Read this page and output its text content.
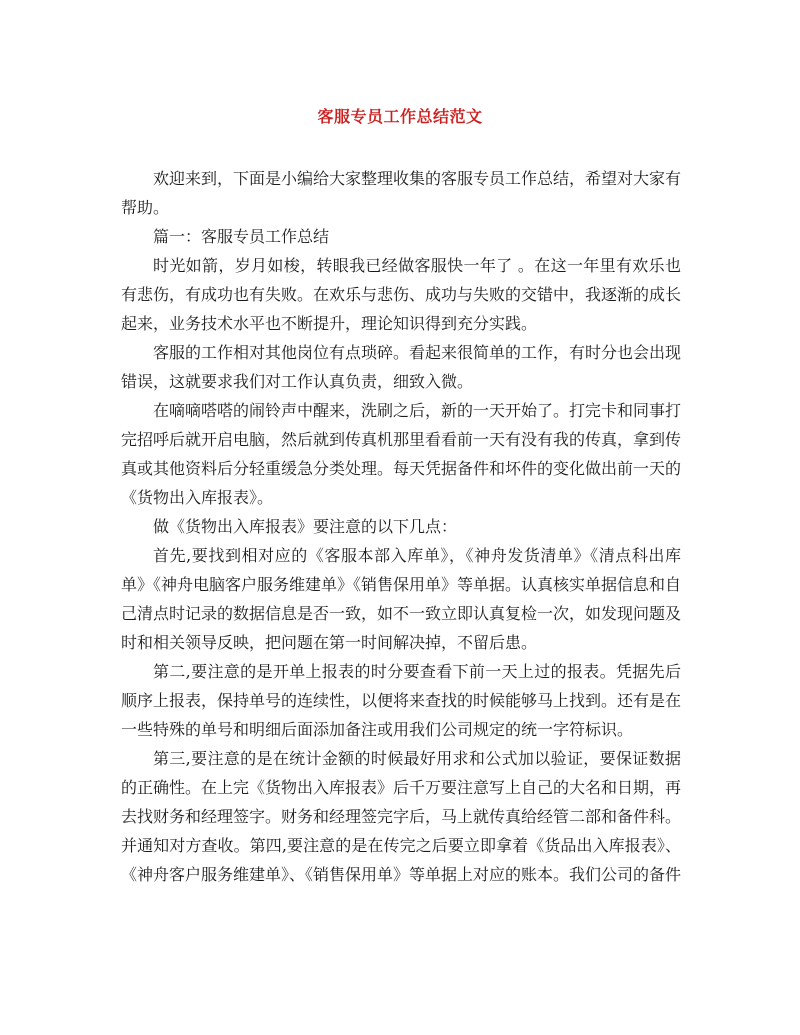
客服专员工作总结范文

欢迎来到，下面是小编给大家整理收集的客服专员工作总结，希望对大家有帮助。

篇一：客服专员工作总结

时光如箭，岁月如梭，转眼我已经做客服快一年了 。在这一年里有欢乐也有悲伤，有成功也有失败。在欢乐与悲伤、成功与失败的交错中，我逐渐的成长起来，业务技术水平也不断提升，理论知识得到充分实践。

客服的工作相对其他岗位有点琐碎。看起来很简单的工作，有时分也会出现错误，这就要求我们对工作认真负责，细致入微。

在嘀嘀嗒嗒的闹铃声中醒来，洗刷之后，新的一天开始了。打完卡和同事打完招呼后就开启电脑，然后就到传真机那里看看前一天有没有我的传真，拿到传真或其他资料后分轻重缓急分类处理。每天凭据备件和坏件的变化做出前一天的《货物出入库报表》。

做《货物出入库报表》要注意的以下几点：

首先,要找到相对应的《客服本部入库单》，《神舟发货清单》《清点科出库单》《神舟电脑客户服务维建单》《销售保用单》等单据。认真核实单据信息和自己清点时记录的数据信息是否一致，如不一致立即认真复检一次，如发现问题及时和相关领导反映，把问题在第一时间解决掉，不留后患。

第二,要注意的是开单上报表的时分要查看下前一天上过的报表。凭据先后顺序上报表，保持单号的连续性，以便将来查找的时候能够马上找到。还有是在一些特殊的单号和明细后面添加备注或用我们公司规定的统一字符标识。

第三,要注意的是在统计金额的时候最好用求和公式加以验证，要保证数据的正确性。在上完《货物出入库报表》后千万要注意写上自己的大名和日期，再去找财务和经理签字。财务和经理签完字后，马上就传真给经管二部和备件科。并通知对方查收。第四,要注意的是在传完之后要立即拿着《货品出入库报表》、《神舟客户服务维建单》、《销售保用单》等单据上对应的账本。我们公司的备件
